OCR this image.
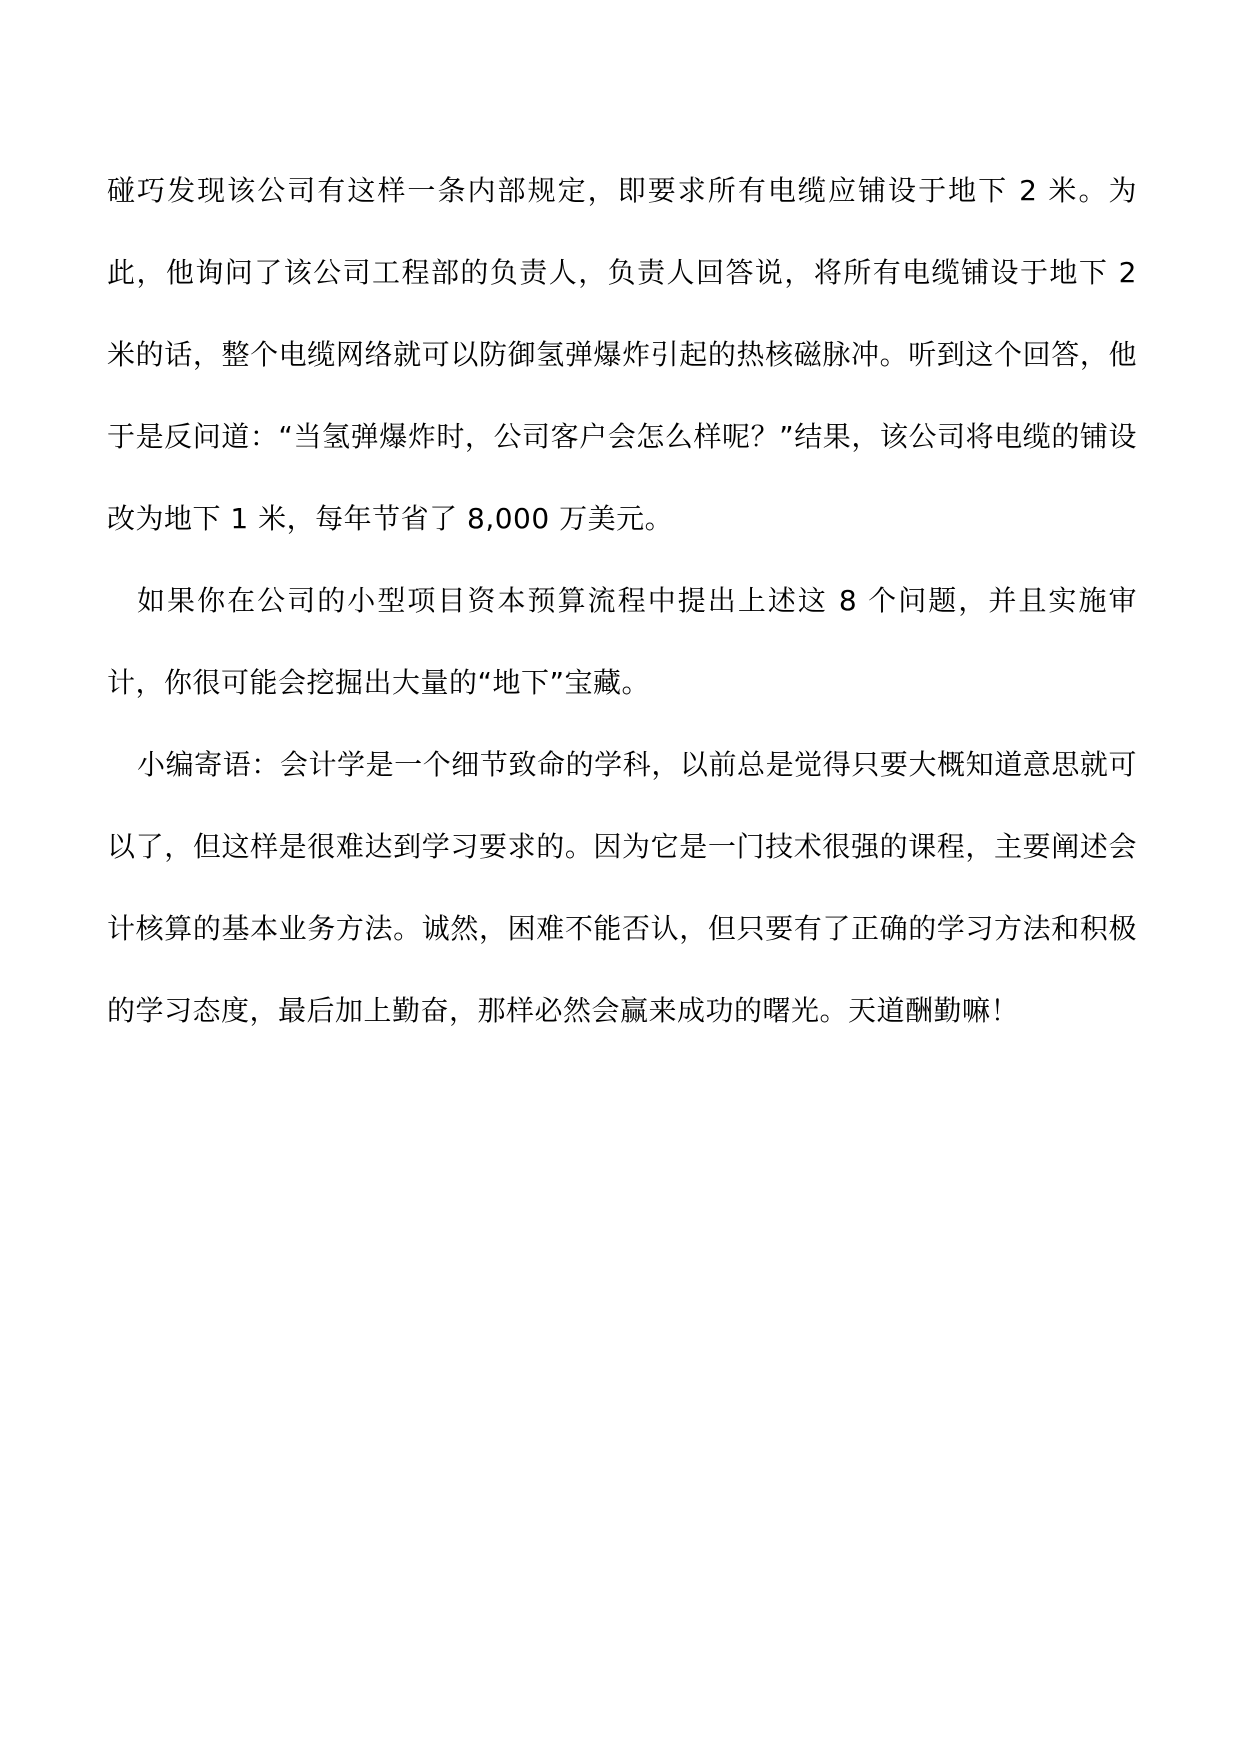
碰巧发现该公司有这样一条内部规定，即要求所有电缆应铺设于地下 2 米。为此，他询问了该公司工程部的负责人，负责人回答说，将所有电缆铺设于地下 2 米的话，整个电缆网络就可以防御氢弹爆炸引起的热核磁脉冲。听到这个回答，他于是反问道：“当氢弹爆炸时，公司客户会怎么样呢？”结果，该公司将电缆的铺设改为地下 1 米，每年节省了 8,000 万美元。

如果你在公司的小型项目资本预算流程中提出上述这 8 个问题，并且实施审计，你很可能会挖掘出大量的“地下”宝藏。

小编寄语：会计学是一个细节致命的学科，以前总是觉得只要大概知道意思就可以了，但这样是很难达到学习要求的。因为它是一门技术很强的课程，主要阐述会计核算的基本业务方法。诚然，困难不能否认，但只要有了正确的学习方法和积极的学习态度，最后加上勤奋，那样必然会赢来成功的曙光。天道酬勤嘛！
